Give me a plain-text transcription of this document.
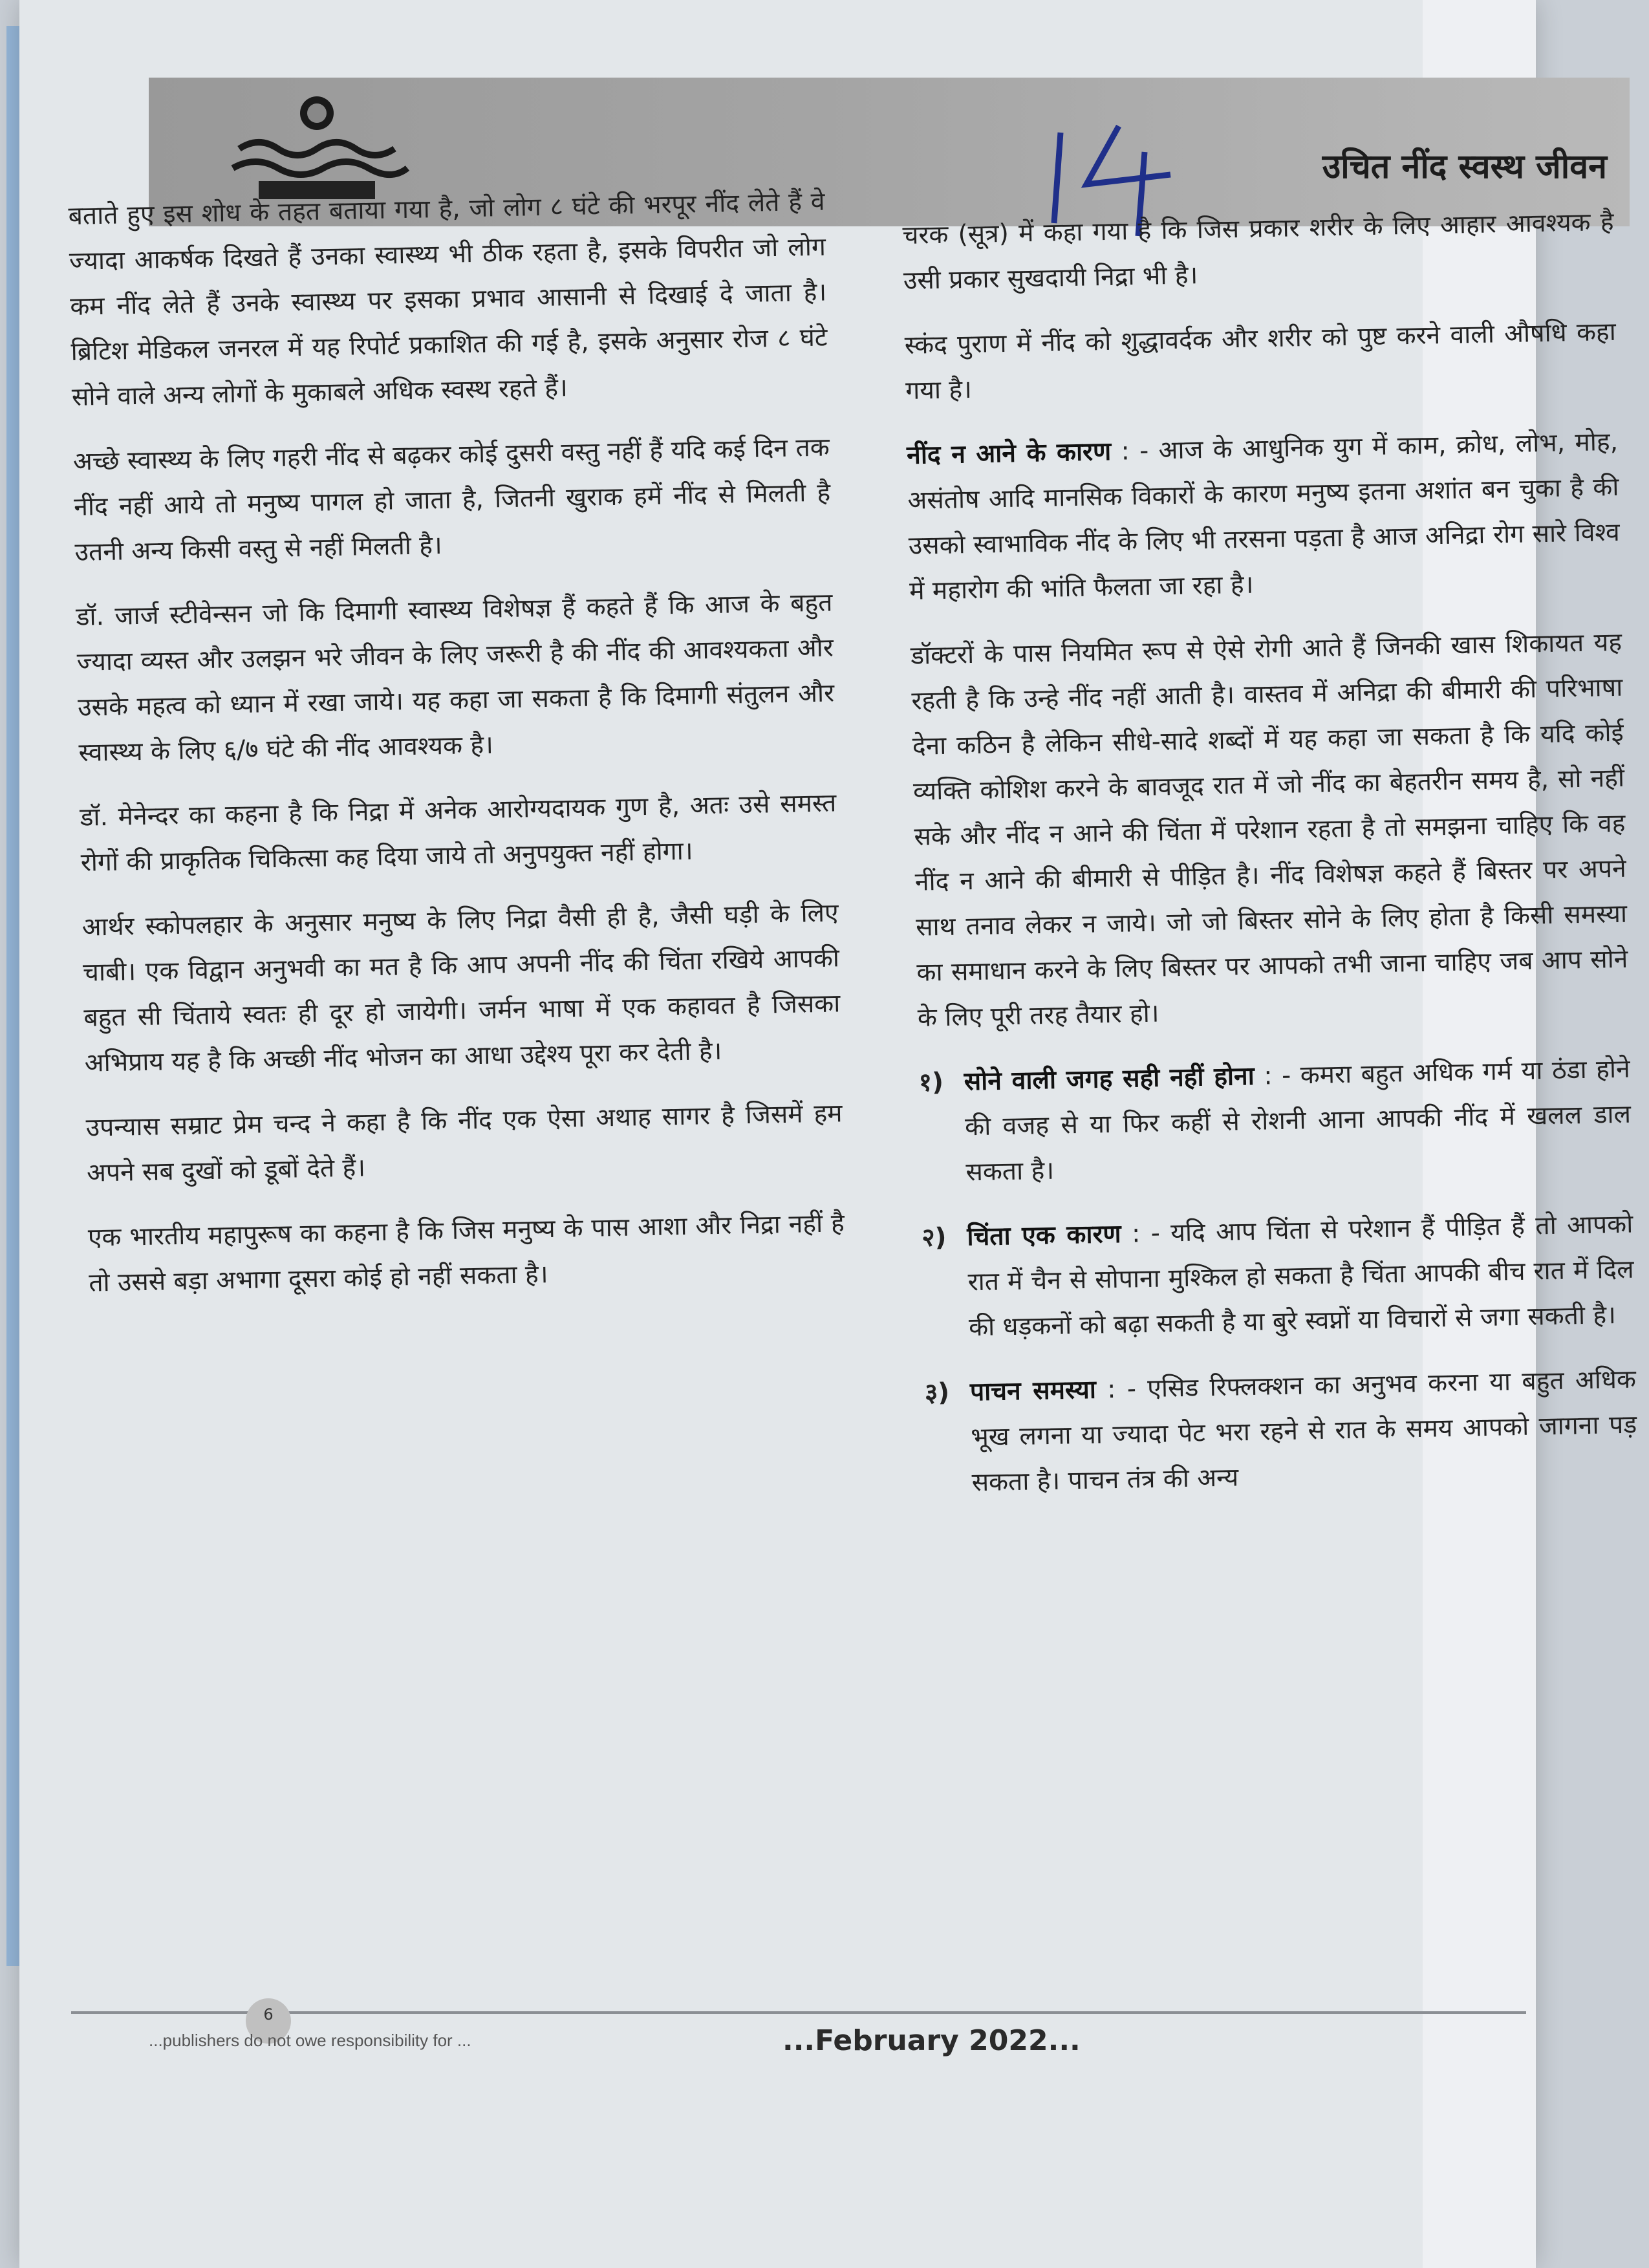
उचित नींद स्वस्थ जीवन

बताते हुए इस शोध के तहत बताया गया है, जो लोग ८ घंटे की भरपूर नींद लेते हैं वे ज्यादा आकर्षक दिखते हैं उनका स्वास्थ्य भी ठीक रहता है, इसके विपरीत जो लोग कम नींद लेते हैं उनके स्वास्थ्य पर इसका प्रभाव आसानी से दिखाई दे जाता है। ब्रिटिश मेडिकल जनरल में यह रिपोर्ट प्रकाशित की गई है, इसके अनुसार रोज ८ घंटे सोने वाले अन्य लोगों के मुकाबले अधिक स्वस्थ रहते हैं।

अच्छे स्वास्थ्य के लिए गहरी नींद से बढ़कर कोई दुसरी वस्तु नहीं हैं यदि कई दिन तक नींद नहीं आये तो मनुष्य पागल हो जाता है, जितनी खुराक हमें नींद से मिलती है उतनी अन्य किसी वस्तु से नहीं मिलती है।

डॉ. जार्ज स्टीवेन्सन जो कि दिमागी स्वास्थ्य विशेषज्ञ हैं कहते हैं कि आज के बहुत ज्यादा व्यस्त और उलझन भरे जीवन के लिए जरूरी है की नींद की आवश्यकता और उसके महत्व को ध्यान में रखा जाये। यह कहा जा सकता है कि दिमागी संतुलन और स्वास्थ्य के लिए ६/७ घंटे की नींद आवश्यक है।

डॉ. मेनेन्दर का कहना है कि निद्रा में अनेक आरोग्यदायक गुण है, अतः उसे समस्त रोगों की प्राकृतिक चिकित्सा कह दिया जाये तो अनुपयुक्त नहीं होगा।

आर्थर स्कोपलहार के अनुसार मनुष्य के लिए निद्रा वैसी ही है, जैसी घड़ी के लिए चाबी। एक विद्वान अनुभवी का मत है कि आप अपनी नींद की चिंता रखिये आपकी बहुत सी चिंताये स्वतः ही दूर हो जायेगी। जर्मन भाषा में एक कहावत है जिसका अभिप्राय यह है कि अच्छी नींद भोजन का आधा उद्देश्य पूरा कर देती है।

उपन्यास सम्राट प्रेम चन्द ने कहा है कि नींद एक ऐसा अथाह सागर है जिसमें हम अपने सब दुखों को डूबों देते हैं।

एक भारतीय महापुरूष का कहना है कि जिस मनुष्य के पास आशा और निद्रा नहीं है तो उससे बड़ा अभागा दूसरा कोई हो नहीं सकता है।

चरक (सूत्र) में कहा गया है कि जिस प्रकार शरीर के लिए आहार आवश्यक है उसी प्रकार सुखदायी निद्रा भी है।

स्कंद पुराण में नींद को शुद्धावर्दक और शरीर को पुष्ट करने वाली औषधि कहा गया है।

नींद न आने के कारण : - आज के आधुनिक युग में काम, क्रोध, लोभ, मोह, असंतोष आदि मानसिक विकारों के कारण मनुष्य इतना अशांत बन चुका है की उसको स्वाभाविक नींद के लिए भी तरसना पड़ता है आज अनिद्रा रोग सारे विश्व में महारोग की भांति फैलता जा रहा है।

डॉक्टरों के पास नियमित रूप से ऐसे रोगी आते हैं जिनकी खास शिकायत यह रहती है कि उन्हे नींद नहीं आती है। वास्तव में अनिद्रा की बीमारी की परिभाषा देना कठिन है लेकिन सीधे-सादे शब्दों में यह कहा जा सकता है कि यदि कोई व्यक्ति कोशिश करने के बावजूद रात में जो नींद का बेहतरीन समय है, सो नहीं सके और नींद न आने की चिंता में परेशान रहता है तो समझना चाहिए कि वह नींद न आने की बीमारी से पीड़ित है। नींद विशेषज्ञ कहते हैं बिस्तर पर अपने साथ तनाव लेकर न जाये। जो जो बिस्तर सोने के लिए होता है किसी समस्या का समाधान करने के लिए बिस्तर पर आपको तभी जाना चाहिए जब आप सोने के लिए पूरी तरह तैयार हो।

१) सोने वाली जगह सही नहीं होना : - कमरा बहुत अधिक गर्म या ठंडा होने की वजह से या फिर कहीं से रोशनी आना आपकी नींद में खलल डाल सकता है।
२) चिंता एक कारण : - यदि आप चिंता से परेशान हैं पीड़ित हैं तो आपको रात में चैन से सोपाना मुश्किल हो सकता है चिंता आपकी बीच रात में दिल की धड़कनों को बढ़ा सकती है या बुरे स्वप्नों या विचारों से जगा सकती है।
३) पाचन समस्या : - एसिड रिफ्लक्शन का अनुभव करना या बहुत अधिक भूख लगना या ज्यादा पेट भरा रहने से रात के समय आपको जागना पड़ सकता है। पाचन तंत्र की अन्य
6
...publishers do not owe responsibility for ...	...February 2022...
